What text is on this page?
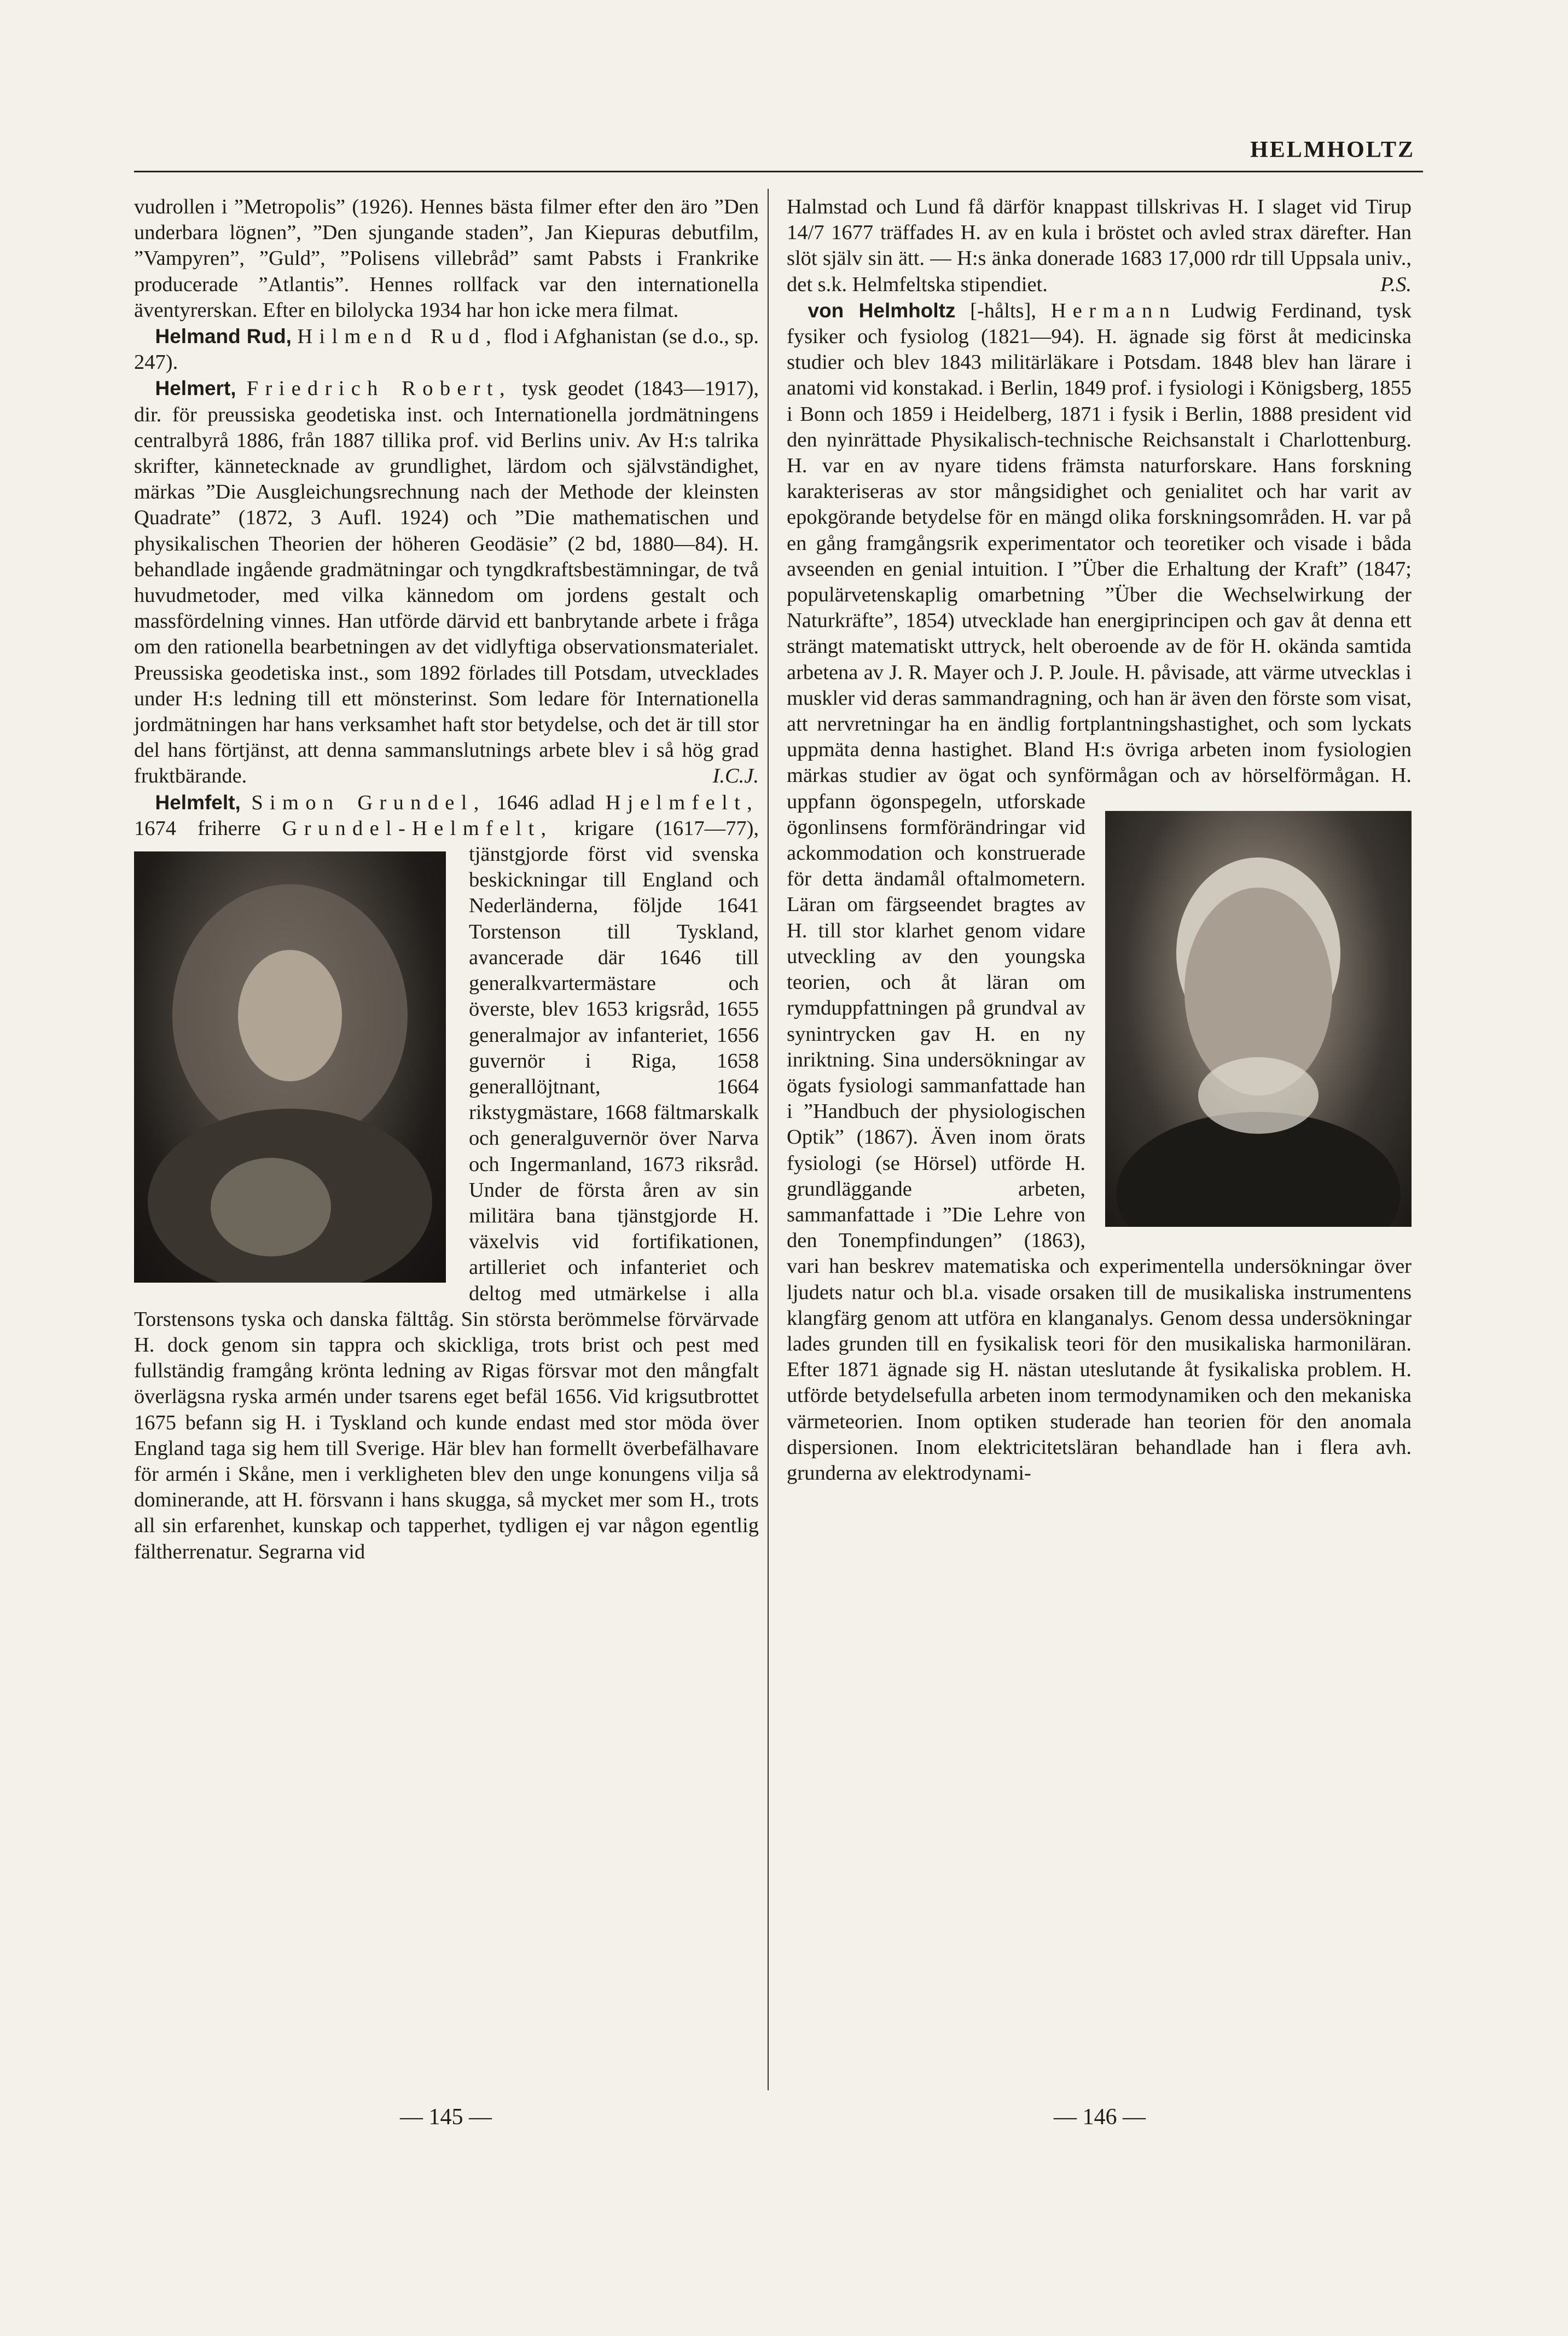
HELMHOLTZ

vudrollen i ”Metropolis” (1926). Hennes bästa filmer efter den äro ”Den underbara lögnen”, ”Den sjungande staden”, Jan Kiepuras debutfilm, ”Vampyren”, ”Guld”, ”Polisens villebråd” samt Pabsts i Frankrike producerade ”Atlantis”. Hennes rollfack var den internationella äventyrerskan. Efter en bilolycka 1934 har hon icke mera filmat.

 Helmand Rud, Hilmend Rud, flod i Afghanistan (se d.o., sp. 247).

 Helmert, Friedrich Robert, tysk geodet (1843—1917), dir. för preussiska geodetiska inst. och Internationella jordmätningens centralbyrå 1886, från 1887 tillika prof. vid Berlins univ. Av H:s talrika skrifter, kännetecknade av grundlighet, lärdom och självständighet, märkas ”Die Ausgleichungsrechnung nach der Methode der kleinsten Quadrate” (1872, 3 Aufl. 1924) och ”Die mathematischen und physikalischen Theorien der höheren Geodäsie” (2 bd, 1880—84). H. behandlade ingående gradmätningar och tyngdkraftsbestämningar, de två huvudmetoder, med vilka kännedom om jordens gestalt och massfördelning vinnes. Han utförde därvid ett banbrytande arbete i fråga om den rationella bearbetningen av det vidlyftiga observationsmaterialet. Preussiska geodetiska inst., som 1892 förlades till Potsdam, utvecklades under H:s ledning till ett mönsterinst. Som ledare för Internationella jordmätningen har hans verksamhet haft stor betydelse, och det är till stor del hans förtjänst, att denna sammanslutnings arbete blev i så hög grad fruktbärande.	I.C.J.

 Helmfelt, Simon Grundel, 1646 adlad Hjelmfelt, 1674 friherre Grundel-Helmfelt, krigare (1617—77), tjänstgjorde först vid svenska beskickningar till England och Nederländerna, följde 1641 Torstenson till Tyskland, avancerade där 1646 till generalkvartermästare och överste, blev 1653 krigsråd, 1655 generalmajor av infanteriet, 1656 guvernör i Riga, 1658 generallöjtnant, 1664 rikstygmästare, 1668 fältmarskalk och generalguvernör över Narva och Ingermanland, 1673 riksråd. Under de första åren av sin militära bana tjänstgjorde H. växelvis vid fortifikationen, artilleriet och infanteriet och deltog med utmärkelse i alla Torstensons tyska och danska fälttåg. Sin största berömmelse förvärvade H. dock genom sin tappra och skickliga, trots brist och pest med fullständig framgång krönta ledning av Rigas försvar mot den mångfalt överlägsna ryska armén under tsarens eget befäl 1656. Vid krigsutbrottet 1675 befann sig H. i Tyskland och kunde endast med stor möda över England taga sig hem till Sverige. Här blev han formellt överbefälhavare för armén i Skåne, men i verkligheten blev den unge konungens vilja så dominerande, att H. försvann i hans skugga, så mycket mer som H., trots all sin erfarenhet, kunskap och tapperhet, tydligen ej var någon egentlig fältherrenatur. Segrarna vid

Halmstad och Lund få därför knappast tillskrivas H. I slaget vid Tirup 14/7 1677 träffades H. av en kula i bröstet och avled strax därefter. Han slöt själv sin ätt. — H:s änka donerade 1683 17,000 rdr till Uppsala univ., det s.k. Helmfeltska stipendiet.	P.S.

 von Helmholtz [-hålts], Hermann Ludwig Ferdinand, tysk fysiker och fysiolog (1821—94). H. ägnade sig först åt medicinska studier och blev 1843 militärläkare i Potsdam. 1848 blev han lärare i anatomi vid konstakad. i Berlin, 1849 prof. i fysiologi i Königsberg, 1855 i Bonn och 1859 i Heidelberg, 1871 i fysik i Berlin, 1888 president vid den nyinrättade Physikalisch-technische Reichsanstalt i Charlottenburg. H. var en av nyare tidens främsta naturforskare. Hans forskning karakteriseras av stor mångsidighet och genialitet och har varit av epokgörande betydelse för en mängd olika forskningsområden. H. var på en gång framgångsrik experimentator och teoretiker och visade i båda avseenden en genial intuition. I ”Über die Erhaltung der Kraft” (1847; populärvetenskaplig omarbetning ”Über die Wechselwirkung der Naturkräfte”, 1854) utvecklade han energiprincipen och gav åt denna ett strängt matematiskt uttryck, helt oberoende av de för H. okända samtida arbetena av J. R. Mayer och J. P. Joule. H. påvisade, att värme utvecklas i muskler vid deras sammandragning, och han är även den förste som visat, att nervretningar ha en ändlig fortplantningshastighet, och som lyckats uppmäta denna hastighet. Bland H:s övriga arbeten inom fysiologien märkas studier av ögat och synförmågan och av hörselförmågan. H. uppfann
ögonspegeln, utforskade ögonlinsens formförändringar vid ackommodation och konstruerade för detta ändamål oftalmometern. Läran om färgseendet bragtes av H. till stor klarhet genom vidare utveckling av den youngska teorien, och åt läran om rymduppfattningen på grundval av synintrycken gav H. en ny inriktning. Sina undersökningar av ögats fysiologi sammanfattade han i ”Handbuch der physiologischen Optik” (1867). Även inom örats fysiologi (se Hörsel) utförde H. grundläggande arbeten, sammanfattade i ”Die Lehre von den Tonempfindungen” (1863), vari han beskrev matematiska och experimentella undersökningar över ljudets natur och bl.a. visade orsaken till de musikaliska instrumentens klangfärg genom att utföra en klanganalys. Genom dessa undersökningar lades grunden till en fysikalisk teori för den musikaliska harmoniläran. Efter 1871 ägnade sig H. nästan uteslutande åt fysikaliska problem. H. utförde betydelsefulla arbeten inom termodynamiken och den mekaniska värmeteorien. Inom optiken studerade han teorien för den anomala dispersionen. Inom elektricitetsläran behandlade han i flera avh. grunderna av elektrodynami-

— 145 —	— 146 —
